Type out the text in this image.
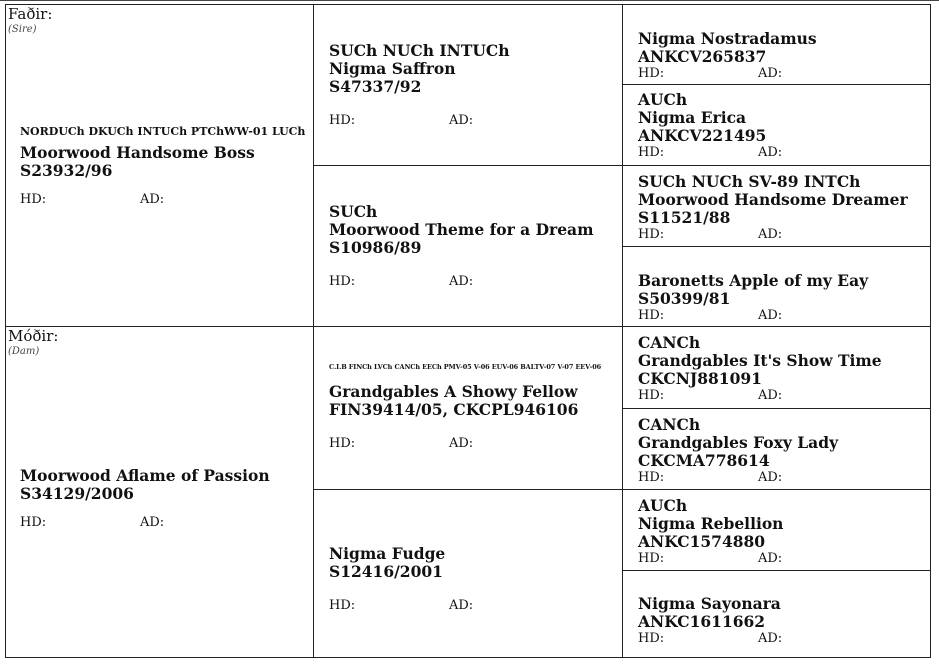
Faðir:
(Sire)
NORDUCh DKUCh INTUCh PTChWW-01 LUCh
Moorwood Handsome Boss
S23932/96
HD:	AD:
Móðir:
(Dam)
Moorwood Aflame of Passion
S34129/2006
HD:	AD:
SUCh NUCh INTUCh
Nigma Saffron
S47337/92
HD:	AD:
SUCh
Moorwood Theme for a Dream
S10986/89
HD:	AD:
C.I.B FINCh LVCh CANCh EECh PMV-05 V-06 EUV-06 BALTV-07 V-07 EEV-06
Grandgables A Showy Fellow
FIN39414/05, CKCPL946106
HD:	AD:
Nigma Fudge
S12416/2001
HD:	AD:
Nigma Nostradamus
ANKCV265837
HD:	AD:
AUCh
Nigma Erica
ANKCV221495
HD:	AD:
SUCh NUCh SV-89 INTCh
Moorwood Handsome Dreamer
S11521/88
HD:	AD:
Baronetts Apple of my Eay
S50399/81
HD:	AD:
CANCh
Grandgables It's Show Time
CKCNJ881091
HD:	AD:
CANCh
Grandgables Foxy Lady
CKCMA778614
HD:	AD:
AUCh
Nigma Rebellion
ANKC1574880
HD:	AD:
Nigma Sayonara
ANKC1611662
HD:	AD:
